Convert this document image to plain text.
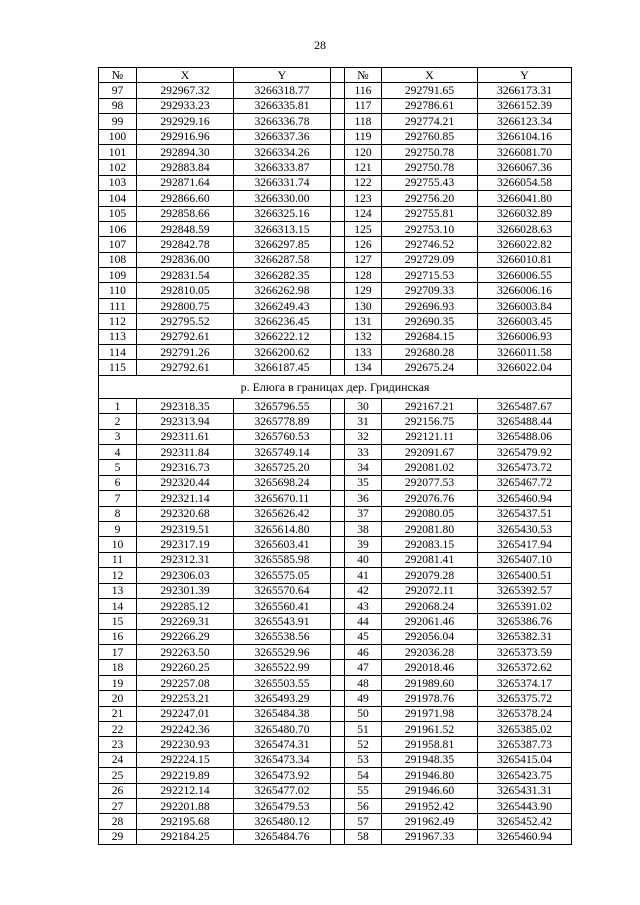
28
№	X	Y		№	X	Y
97	292967.32	3266318.77		116	292791.65	3266173.31
98	292933.23	3266335.81		117	292786.61	3266152.39
99	292929.16	3266336.78		118	292774.21	3266123.34
100	292916.96	3266337.36		119	292760.85	3266104.16
101	292894.30	3266334.26		120	292750.78	3266081.70
102	292883.84	3266333.87		121	292750.78	3266067.36
103	292871.64	3266331.74		122	292755.43	3266054.58
104	292866.60	3266330.00		123	292756.20	3266041.80
105	292858.66	3266325.16		124	292755.81	3266032.89
106	292848.59	3266313.15		125	292753.10	3266028.63
107	292842.78	3266297.85		126	292746.52	3266022.82
108	292836.00	3266287.58		127	292729.09	3266010.81
109	292831.54	3266282.35		128	292715.53	3266006.55
110	292810.05	3266262.98		129	292709.33	3266006.16
111	292800.75	3266249.43		130	292696.93	3266003.84
112	292795.52	3266236.45		131	292690.35	3266003.45
113	292792.61	3266222.12		132	292684.15	3266006.93
114	292791.26	3266200.62		133	292680.28	3266011.58
115	292792.61	3266187.45		134	292675.24	3266022.04
р. Елюга в границах дер. Гридинская						
1	292318.35	3265796.55		30	292167.21	3265487.67
2	292313.94	3265778.89		31	292156.75	3265488.44
3	292311.61	3265760.53		32	292121.11	3265488.06
4	292311.84	3265749.14		33	292091.67	3265479.92
5	292316.73	3265725.20		34	292081.02	3265473.72
6	292320.44	3265698.24		35	292077.53	3265467.72
7	292321.14	3265670.11		36	292076.76	3265460.94
8	292320.68	3265626.42		37	292080.05	3265437.51
9	292319.51	3265614.80		38	292081.80	3265430.53
10	292317.19	3265603.41		39	292083.15	3265417.94
11	292312.31	3265585.98		40	292081.41	3265407.10
12	292306.03	3265575.05		41	292079.28	3265400.51
13	292301.39	3265570.64		42	292072.11	3265392.57
14	292285.12	3265560.41		43	292068.24	3265391.02
15	292269.31	3265543.91		44	292061.46	3265386.76
16	292266.29	3265538.56		45	292056.04	3265382.31
17	292263.50	3265529.96		46	292036.28	3265373.59
18	292260.25	3265522.99		47	292018.46	3265372.62
19	292257.08	3265503.55		48	291989.60	3265374.17
20	292253.21	3265493.29		49	291978.76	3265375.72
21	292247.01	3265484.38		50	291971.98	3265378.24
22	292242.36	3265480.70		51	291961.52	3265385.02
23	292230.93	3265474.31		52	291958.81	3265387.73
24	292224.15	3265473.34		53	291948.35	3265415.04
25	292219.89	3265473.92		54	291946.80	3265423.75
26	292212.14	3265477.02		55	291946.60	3265431.31
27	292201.88	3265479.53		56	291952.42	3265443.90
28	292195.68	3265480.12		57	291962.49	3265452.42
29	292184.25	3265484.76		58	291967.33	3265460.94
